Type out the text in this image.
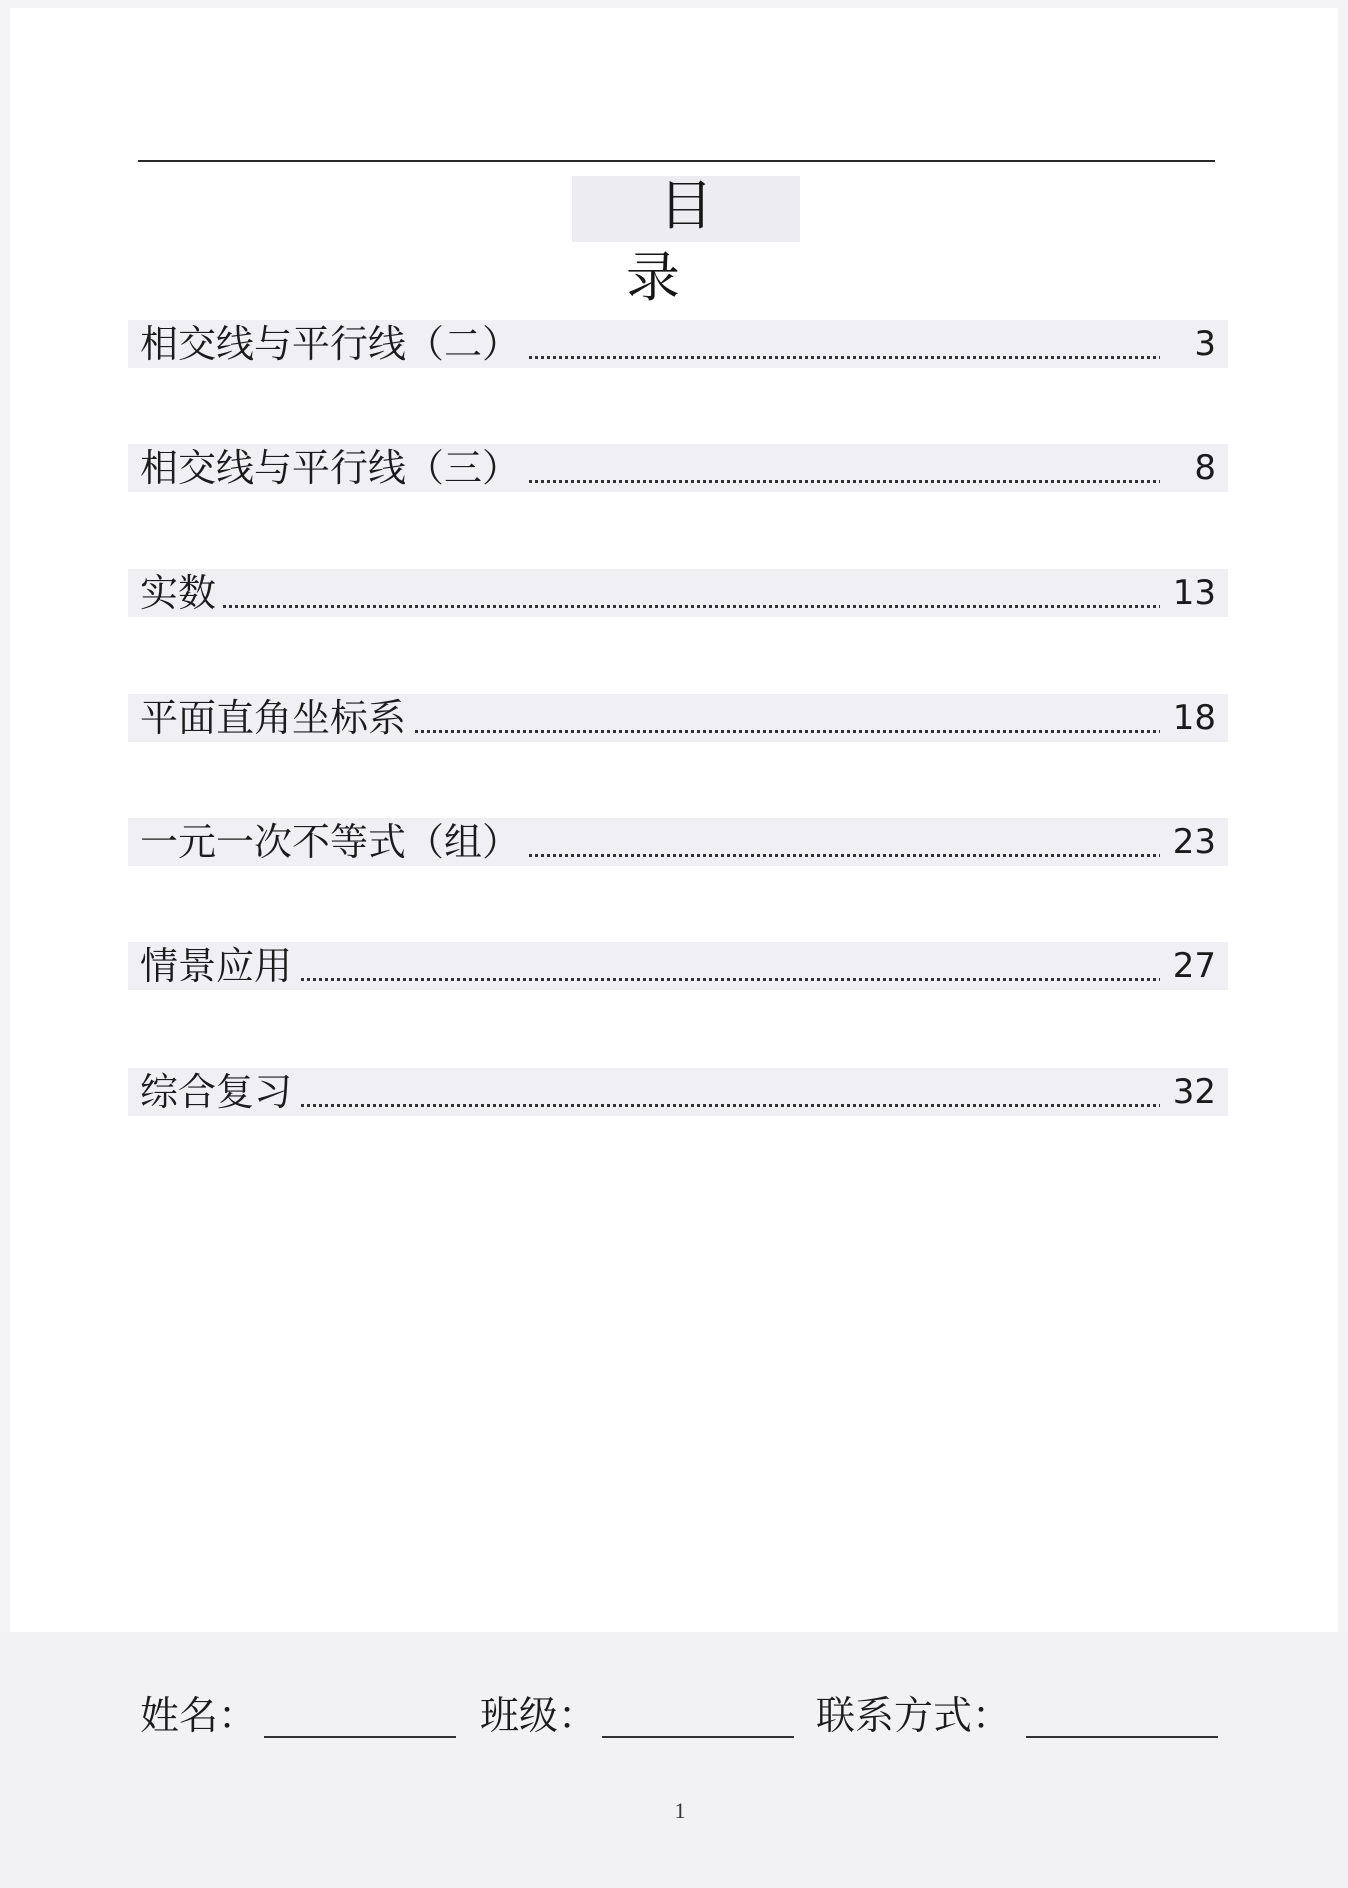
目录
相交线与平行线（二）	3
相交线与平行线（三）	8
实数	13
平面直角坐标系	18
一元一次不等式（组）	23
情景应用	27
综合复习	32
姓名：	班级：	联系方式：
1
